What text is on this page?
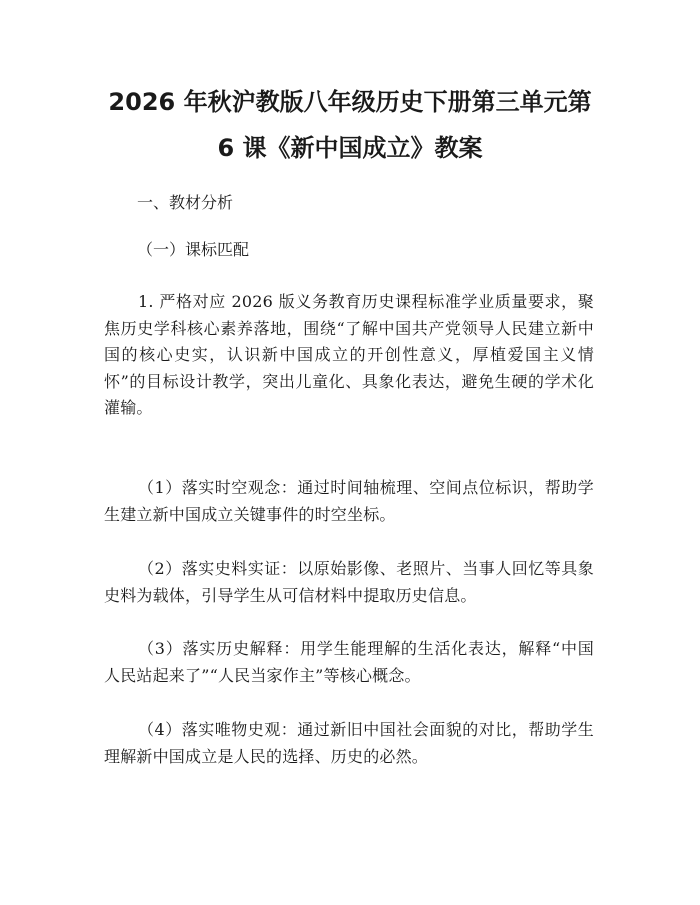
2026 年秋沪教版八年级历史下册第三单元第
6 课《新中国成立》教案

一、教材分析

（一）课标匹配

1. 严格对应 2026 版义务教育历史课程标准学业质量要求，聚焦历史学科核心素养落地，围绕“了解中国共产党领导人民建立新中国的核心史实，认识新中国成立的开创性意义，厚植爱国主义情怀”的目标设计教学，突出儿童化、具象化表达，避免生硬的学术化灌输。

（1）落实时空观念：通过时间轴梳理、空间点位标识，帮助学生建立新中国成立关键事件的时空坐标。

（2）落实史料实证：以原始影像、老照片、当事人回忆等具象史料为载体，引导学生从可信材料中提取历史信息。

（3）落实历史解释：用学生能理解的生活化表达，解释“中国人民站起来了”“人民当家作主”等核心概念。

（4）落实唯物史观：通过新旧中国社会面貌的对比，帮助学生理解新中国成立是人民的选择、历史的必然。
